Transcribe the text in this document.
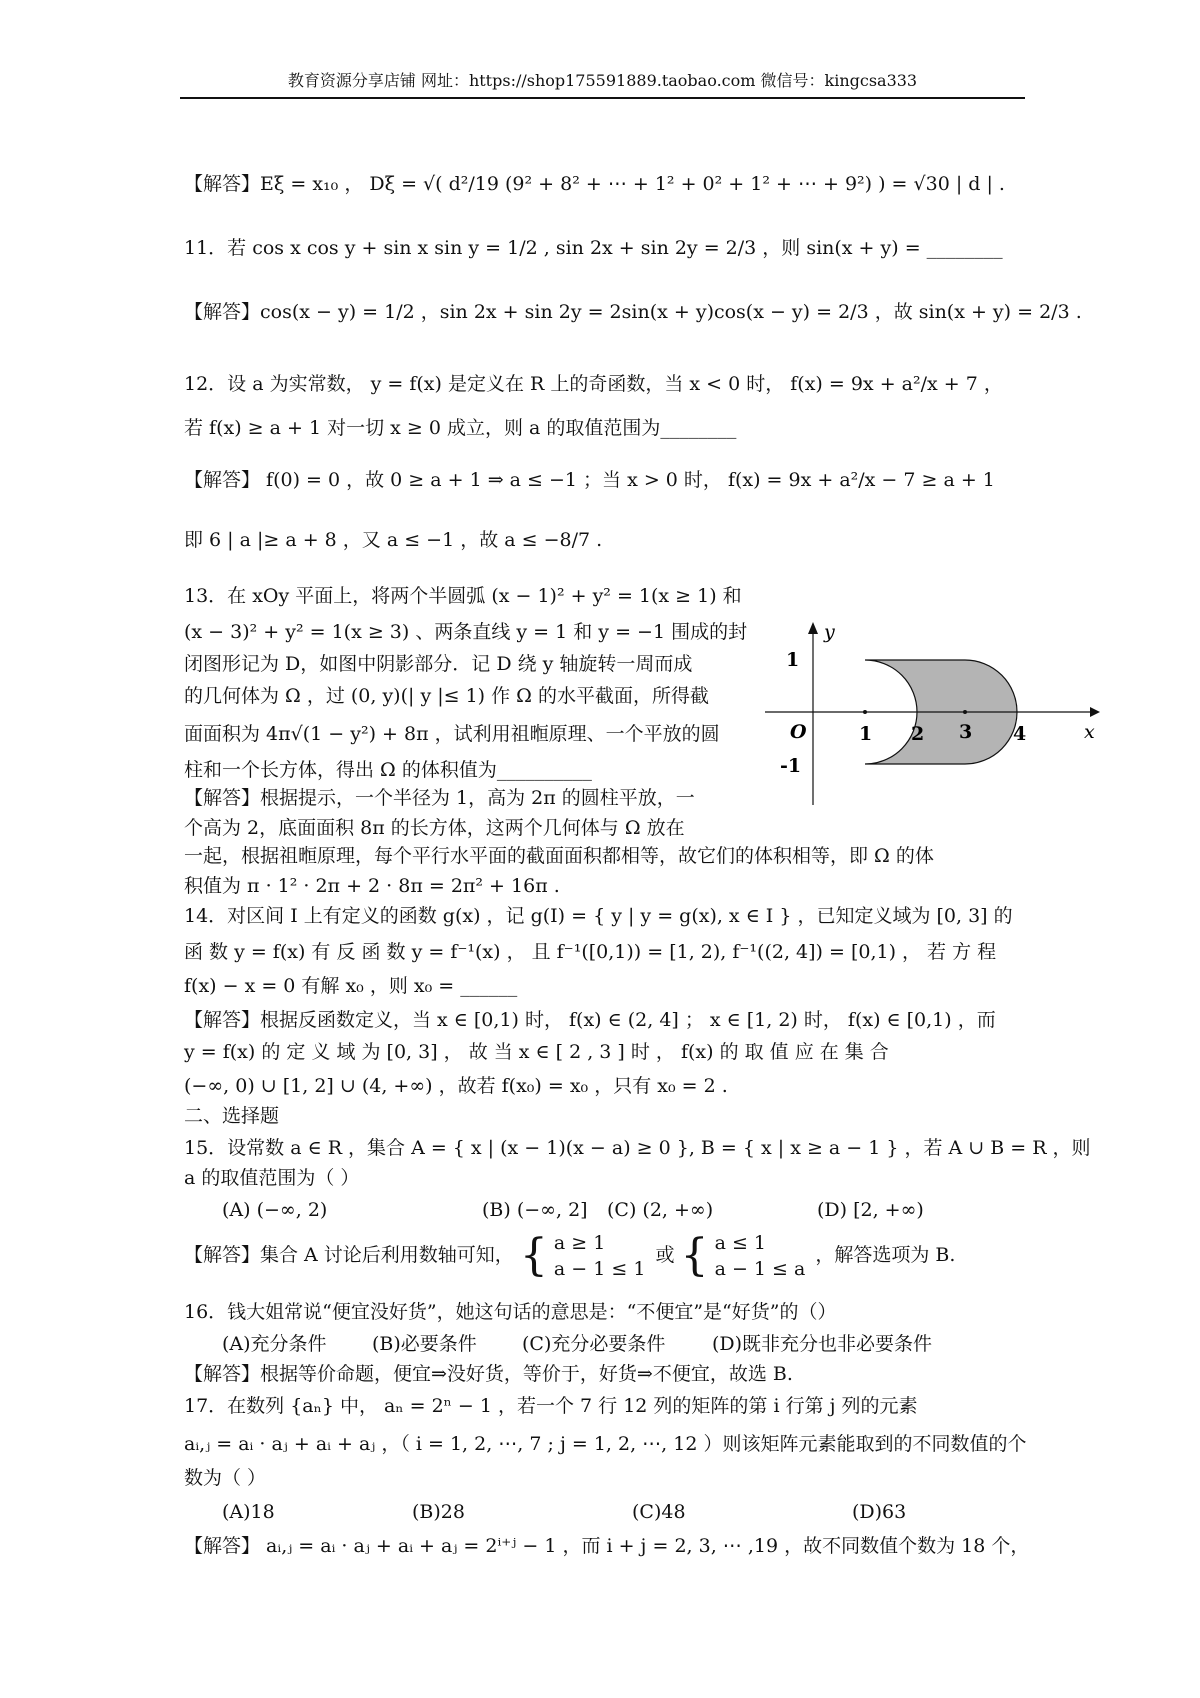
教育资源分享店铺 网址：https://shop175591889.taobao.com 微信号：kingcsa333
【解答】Eξ = x₁₀ ， Dξ = √( d²/19 (9² + 8² + ⋯ + 1² + 0² + 1² + ⋯ + 9²) ) = √30 | d | .
11．若 cos x cos y + sin x sin y = 1/2 , sin 2x + sin 2y = 2/3 ，则 sin(x + y) = ________
【解答】cos(x − y) = 1/2 ，sin 2x + sin 2y = 2sin(x + y)cos(x − y) = 2/3 ，故 sin(x + y) = 2/3 .
12．设 a 为实常数， y = f(x) 是定义在 R 上的奇函数，当 x < 0 时， f(x) = 9x + a²/x + 7 ，
若 f(x) ≥ a + 1 对一切 x ≥ 0 成立，则 a 的取值范围为________
【解答】 f(0) = 0 ，故 0 ≥ a + 1 ⇒ a ≤ −1 ；当 x > 0 时， f(x) = 9x + a²/x − 7 ≥ a + 1
即 6 | a |≥ a + 8 ，又 a ≤ −1 ，故 a ≤ −8/7 .
13．在 xOy 平面上，将两个半圆弧 (x − 1)² + y² = 1(x ≥ 1) 和
(x − 3)² + y² = 1(x ≥ 3) 、两条直线 y = 1 和 y = −1 围成的封
闭图形记为 D，如图中阴影部分．记 D 绕 y 轴旋转一周而成
的几何体为 Ω ，过 (0, y)(| y |≤ 1) 作 Ω 的水平截面，所得截
面面积为 4π√(1 − y²) + 8π ，试利用祖暅原理、一个平放的圆
柱和一个长方体，得出 Ω 的体积值为__________
【解答】根据提示，一个半径为 1，高为 2π 的圆柱平放，一
个高为 2，底面面积 8π 的长方体，这两个几何体与 Ω 放在
一起，根据祖暅原理，每个平行水平面的截面面积都相等，故它们的体积相等，即 Ω 的体
积值为 π · 1² · 2π + 2 · 8π = 2π² + 16π .
y
x
O
1
-1
1 2 3 4
14．对区间 I 上有定义的函数 g(x) ，记 g(I) = { y | y = g(x), x ∈ I } ，已知定义域为 [0, 3] 的
函 数 y = f(x) 有 反 函 数 y = f⁻¹(x) ， 且 f⁻¹([0,1)) = [1, 2), f⁻¹((2, 4]) = [0,1) ， 若 方 程
f(x) − x = 0 有解 x₀ ，则 x₀ = ______
【解答】根据反函数定义，当 x ∈ [0,1) 时， f(x) ∈ (2, 4] ； x ∈ [1, 2) 时， f(x) ∈ [0,1) ，而
y = f(x) 的 定 义 域 为 [0, 3] ， 故 当 x ∈ [ 2 , 3 ] 时 ， f(x) 的 取 值 应 在 集 合
(−∞, 0) ∪ [1, 2] ∪ (4, +∞) ，故若 f(x₀) = x₀ ，只有 x₀ = 2 .
二、选择题
15．设常数 a ∈ R ，集合 A = { x | (x − 1)(x − a) ≥ 0 }, B = { x | x ≥ a − 1 } ，若 A ∪ B = R ，则
a 的取值范围为（ ）
(A) (−∞, 2)	(B) (−∞, 2] (C) (2, +∞)	(D) [2, +∞)
【解答】集合 A 讨论后利用数轴可知， { a ≥ 1
a − 1 ≤ 1
或 { a ≤ 1
a − 1 ≤ a
，解答选项为 B.
16．钱大姐常说“便宜没好货”，她这句话的意思是：“不便宜”是“好货”的（）
(A)充分条件 (B)必要条件 (C)充分必要条件 (D)既非充分也非必要条件
【解答】根据等价命题，便宜⇒没好货，等价于，好货⇒不便宜，故选 B.
17．在数列 {aₙ} 中， aₙ = 2ⁿ − 1 ，若一个 7 行 12 列的矩阵的第 i 行第 j 列的元素
aᵢ,ⱼ = aᵢ · aⱼ + aᵢ + aⱼ ，（ i = 1, 2, ⋯, 7 ; j = 1, 2, ⋯, 12 ）则该矩阵元素能取到的不同数值的个
数为（ ）
(A)18	(B)28	(C)48	(D)63
【解答】 aᵢ,ⱼ = aᵢ · aⱼ + aᵢ + aⱼ = 2ⁱ⁺ʲ − 1 ，而 i + j = 2, 3, ⋯ ,19 ，故不同数值个数为 18 个，
